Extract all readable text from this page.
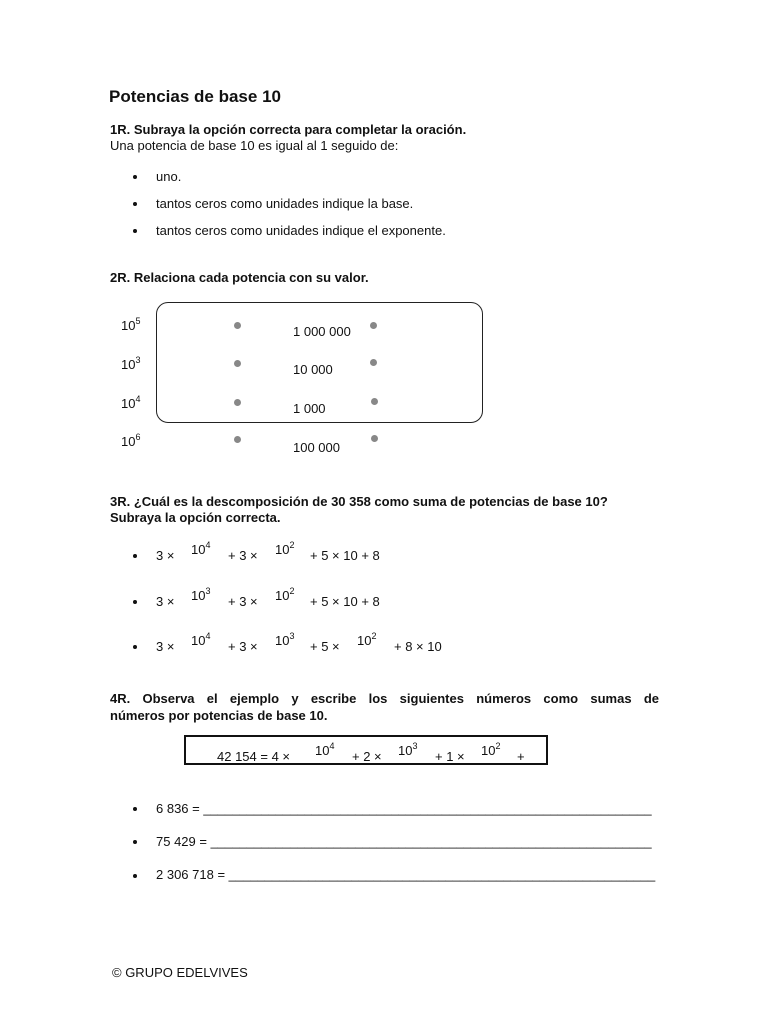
Potencias de base 10
1R. Subraya la opción correcta para completar la oración.
Una potencia de base 10 es igual al 1 seguido de:
uno.
tantos ceros como unidades indique la base.
tantos ceros como unidades indique el exponente.
2R. Relaciona cada potencia con su valor.
$10^5$
$10^3$
$10^4$
$10^6$
1 000 000
10 000
1 000
100 000
3R. ¿Cuál es la descomposición de 30 358 como suma de potencias de base 10?
Subraya la opción correcta.
$3 \times 10^4$
+ $3 \times 10^2$
+ 5 × 10 + 8
$3 \times 10^3$
+ $3 \times 10^2$
+ 5 × 10 + 8
$3 \times 10^4$
+ $3 \times 10^3$
+ $5 \times 10^2$
+ 8 × 10
4R. Observa el ejemplo y escribe los siguientes números como sumas de
números por potencias de base 10.
42 $154 = 4 \times 10^4$
+ $2 \times 10^3$
+ $1 \times 10^2$
+
6 836 = ______________________________________________________________
75 429 = _____________________________________________________________
2 306 718 = ___________________________________________________________
© GRUPO EDELVIVES
